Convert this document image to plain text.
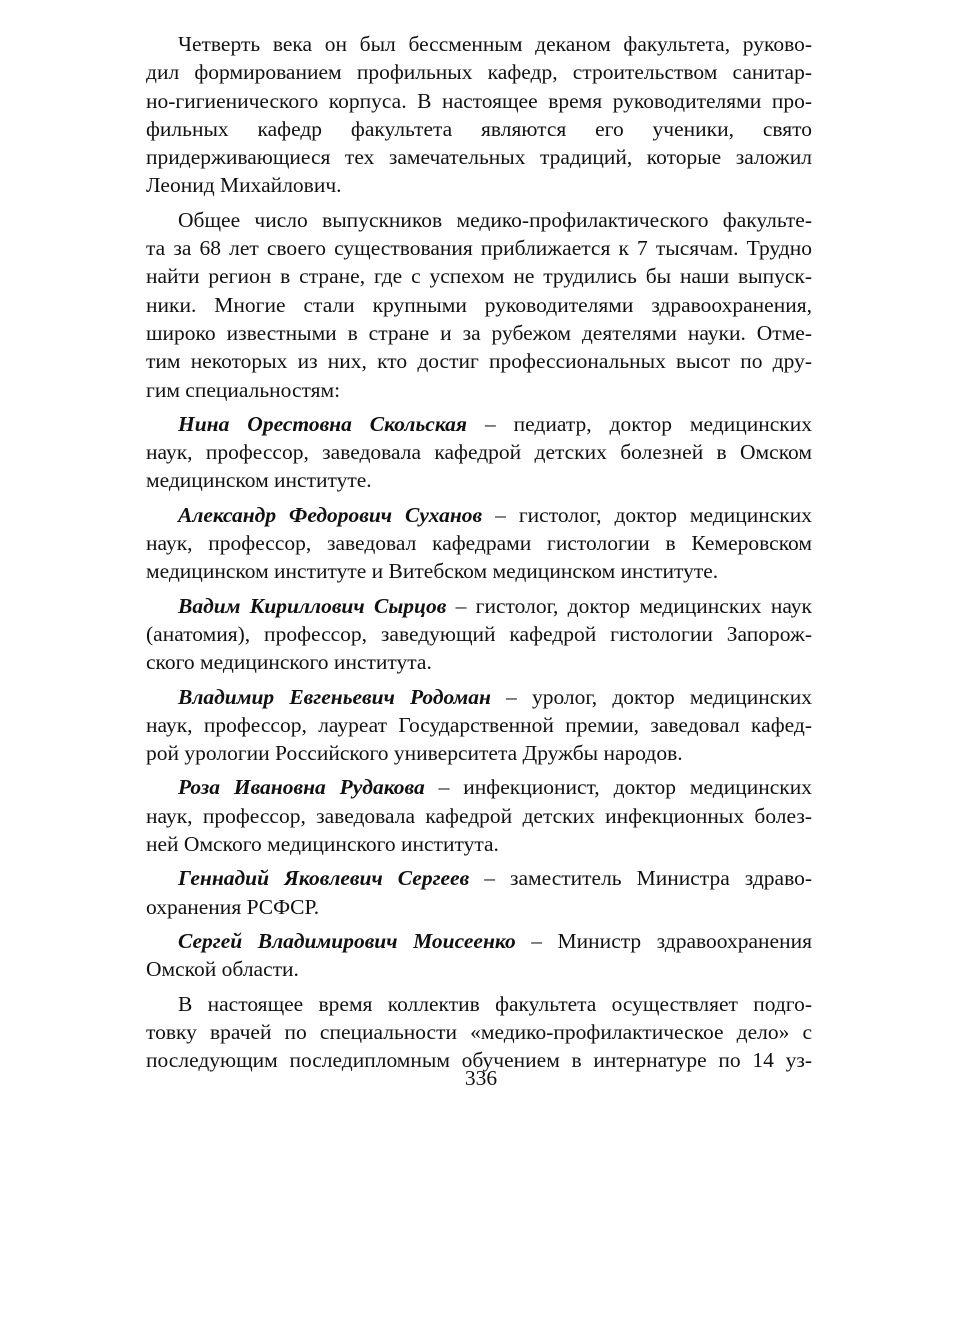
Четверть века он был бессменным деканом факультета, руково-
дил формированием профильных кафедр, строительством санитар-
но-гигиенического корпуса. В настоящее время руководителями про-
фильных кафедр факультета являются его ученики, свято
придерживающиеся тех замечательных традиций, которые заложил
Леонид Михайлович.
Общее число выпускников медико-профилактического факульте-
та за 68 лет своего существования приближается к 7 тысячам. Трудно
найти регион в стране, где с успехом не трудились бы наши выпуск-
ники. Многие стали крупными руководителями здравоохранения,
широко известными в стране и за рубежом деятелями науки. Отме-
тим некоторых из них, кто достиг профессиональных высот по дру-
гим специальностям:
Нина Орестовна Скольская – педиатр, доктор медицинских
наук, профессор, заведовала кафедрой детских болезней в Омском
медицинском институте.
Александр Федорович Суханов – гистолог, доктор медицинских
наук, профессор, заведовал кафедрами гистологии в Кемеровском
медицинском институте и Витебском медицинском институте.
Вадим Кириллович Сырцов – гистолог, доктор медицинских наук
(анатомия), профессор, заведующий кафедрой гистологии Запорож-
ского медицинского института.
Владимир Евгеньевич Родоман – уролог, доктор медицинских
наук, профессор, лауреат Государственной премии, заведовал кафед-
рой урологии Российского университета Дружбы народов.
Роза Ивановна Рудакова – инфекционист, доктор медицинских
наук, профессор, заведовала кафедрой детских инфекционных болез-
ней Омского медицинского института.
Геннадий Яковлевич Сергеев – заместитель Министра здраво-
охранения РСФСР.
Сергей Владимирович Моисеенко – Министр здравоохранения
Омской области.
В настоящее время коллектив факультета осуществляет подго-
товку врачей по специальности «медико-профилактическое дело» с
последующим последипломным обучением в интернатуре по 14 уз-
336
